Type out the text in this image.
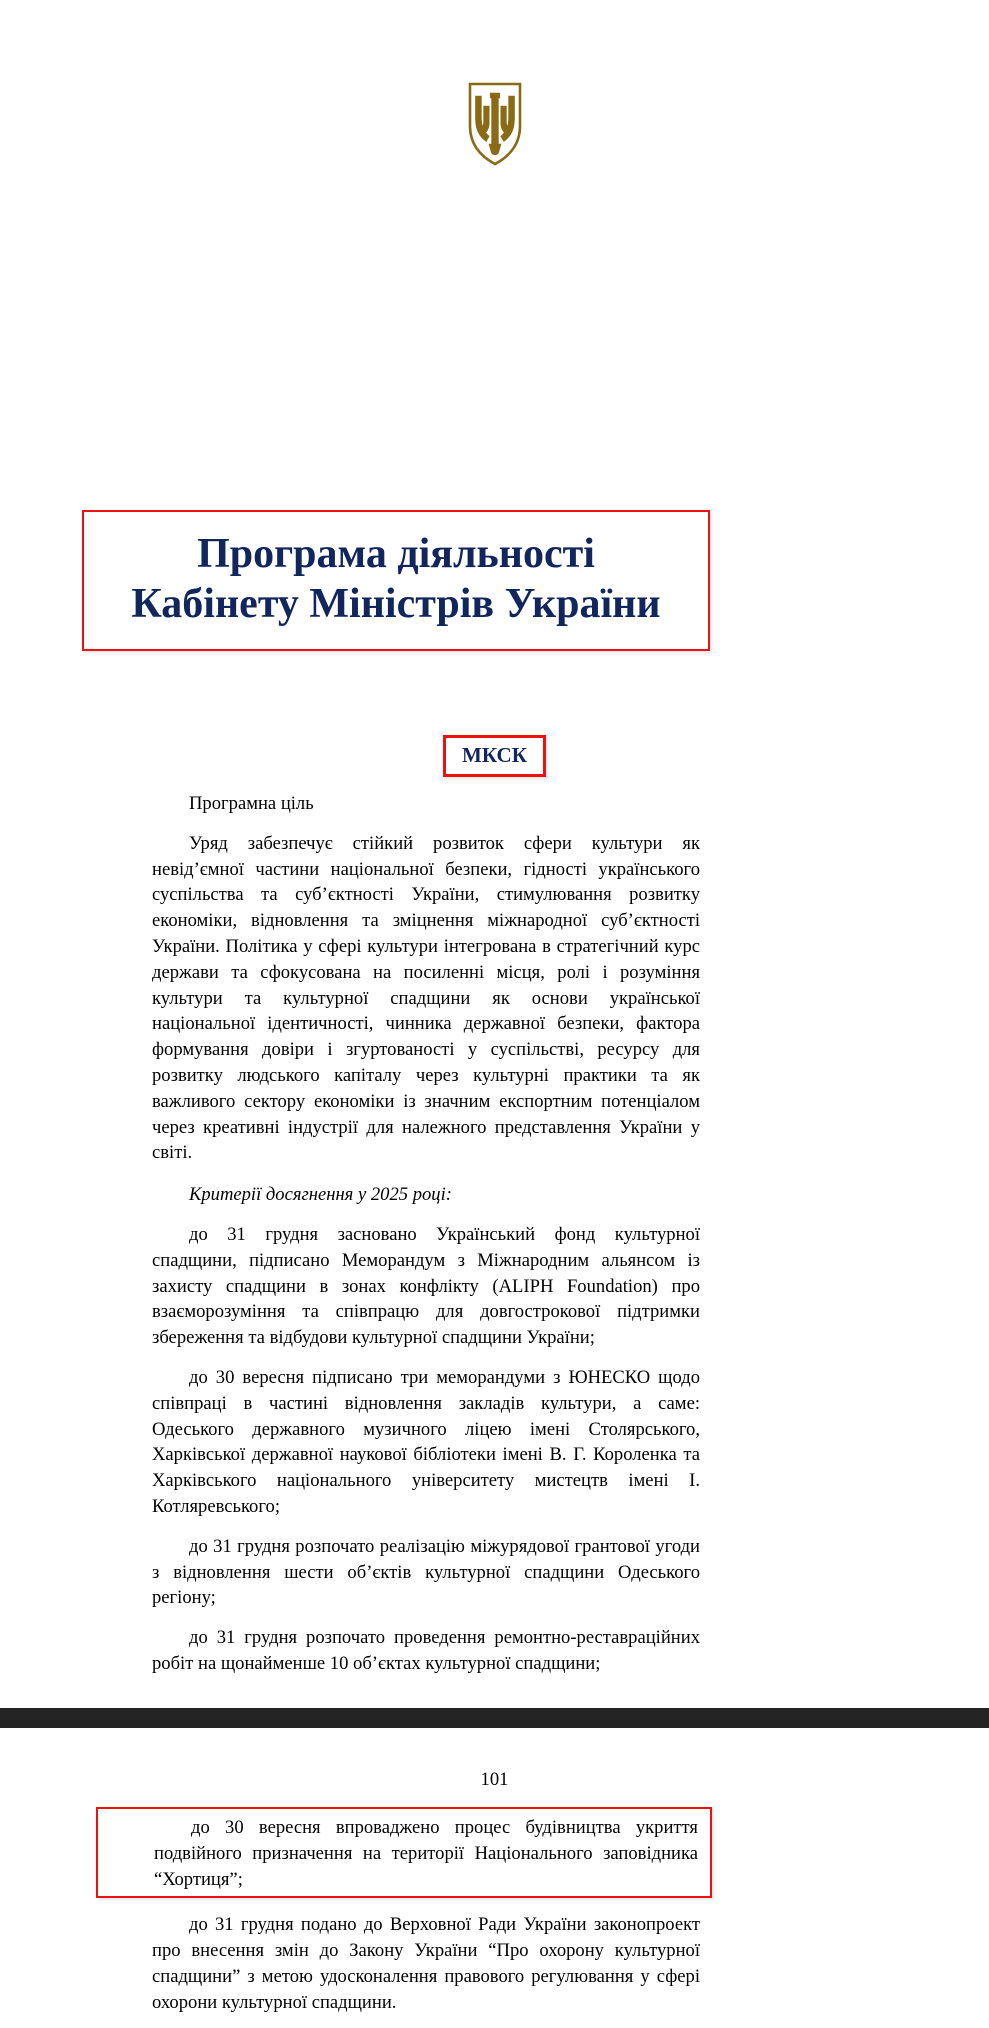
Програма діяльності
Кабінету Міністрів України
МКСК

Програмна ціль

Уряд забезпечує стійкий розвиток сфери культури як невід’ємної частини національної безпеки, гідності українського суспільства та суб’єктності України, стимулювання розвитку економіки, відновлення та зміцнення міжнародної суб’єктності України. Політика у сфері культури інтегрована в стратегічний курс держави та сфокусована на посиленні місця, ролі і розуміння культури та культурної спадщини як основи української національної ідентичності, чинника державної безпеки, фактора формування довіри і згуртованості у суспільстві, ресурсу для розвитку людського капіталу через культурні практики та як важливого сектору економіки із значним експортним потенціалом через креативні індустрії для належного представлення України у світі.

Критерії досягнення у 2025 році:

до 31 грудня засновано Український фонд культурної спадщини, підписано Меморандум з Міжнародним альянсом із захисту спадщини в зонах конфлікту (ALIPH Foundation) про взаєморозуміння та співпрацю для довгострокової підтримки збереження та відбудови культурної спадщини України;

до 30 вересня підписано три меморандуми з ЮНЕСКО щодо співпраці в частині відновлення закладів культури, а саме: Одеського державного музичного ліцею імені Столярського, Харківської державної наукової бібліотеки імені В. Г. Короленка та Харківського національного університету мистецтв імені І. Котляревського;

до 31 грудня розпочато реалізацію міжурядової грантової угоди з відновлення шести об’єктів культурної спадщини Одеського регіону;

до 31 грудня розпочато проведення ремонтно-реставраційних робіт на щонайменше 10 об’єктах культурної спадщини;

101

до 30 вересня впроваджено процес будівництва укриття подвійного призначення на території Національного заповідника “Хортиця”;

до 31 грудня подано до Верховної Ради України законопроект про внесення змін до Закону України “Про охорону культурної спадщини” з метою удосконалення правового регулювання у сфері охорони культурної спадщини.
